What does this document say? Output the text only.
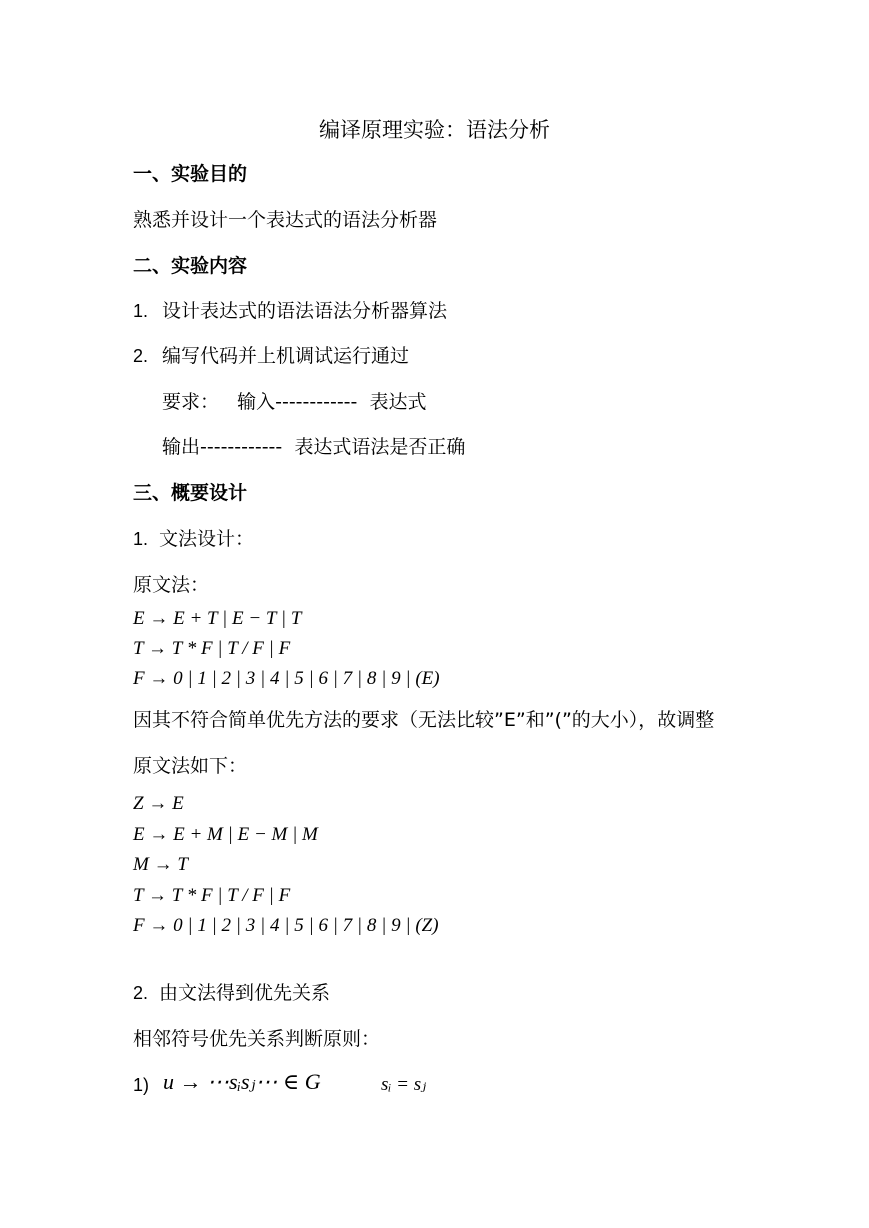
编译原理实验：语法分析
一、实验目的
熟悉并设计一个表达式的语法分析器
二、实验内容
1. 设计表达式的语法语法分析器算法
2. 编写代码并上机调试运行通过
要求：   输入------------  表达式
输出------------  表达式语法是否正确
三、概要设计
1. 文法设计：
原文法：
E → E + T | E − T | T
T → T * F | T / F | F
F → 0 | 1 | 2 | 3 | 4 | 5 | 6 | 7 | 8 | 9 | (E)
因其不符合简单优先方法的要求（无法比较”E”和”(”的大小），故调整
原文法如下：
Z → E
E → E + M | E − M | M
M → T
T → T * F | T / F | F
F → 0 | 1 | 2 | 3 | 4 | 5 | 6 | 7 | 8 | 9 | (Z)
2. 由文法得到优先关系
相邻符号优先关系判断原则：
1) u → ⋯sᵢsⱼ⋯ ∈ G	sᵢ = sⱼ
